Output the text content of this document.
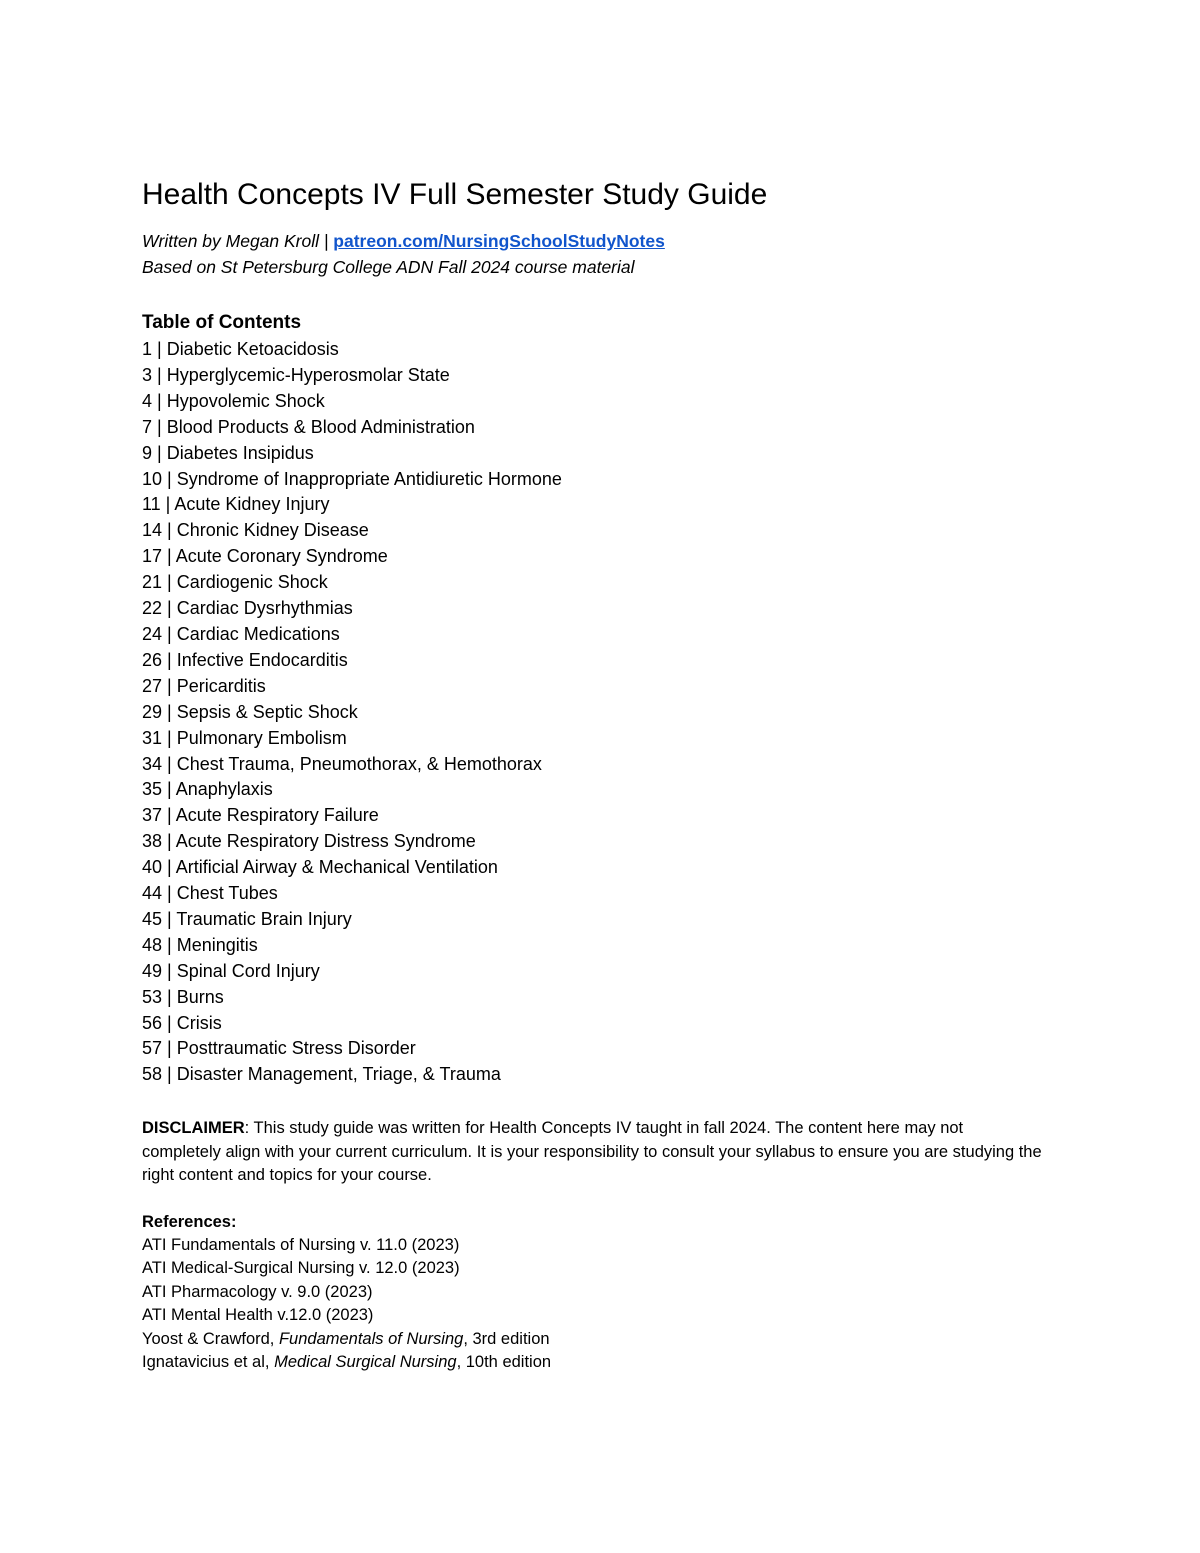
Health Concepts IV Full Semester Study Guide
Written by Megan Kroll | patreon.com/NursingSchoolStudyNotes
Based on St Petersburg College ADN Fall 2024 course material
Table of Contents
1 | Diabetic Ketoacidosis
3 | Hyperglycemic-Hyperosmolar State
4 | Hypovolemic Shock
7 | Blood Products & Blood Administration
9 | Diabetes Insipidus
10 | Syndrome of Inappropriate Antidiuretic Hormone
11 | Acute Kidney Injury
14 | Chronic Kidney Disease
17 | Acute Coronary Syndrome
21 | Cardiogenic Shock
22 | Cardiac Dysrhythmias
24 | Cardiac Medications
26 | Infective Endocarditis
27 | Pericarditis
29 | Sepsis & Septic Shock
31 | Pulmonary Embolism
34 | Chest Trauma, Pneumothorax, & Hemothorax
35 | Anaphylaxis
37 | Acute Respiratory Failure
38 | Acute Respiratory Distress Syndrome
40 | Artificial Airway & Mechanical Ventilation
44 | Chest Tubes
45 | Traumatic Brain Injury
48 | Meningitis
49 | Spinal Cord Injury
53 | Burns
56 | Crisis
57 | Posttraumatic Stress Disorder
58 | Disaster Management, Triage, & Trauma

DISCLAIMER: This study guide was written for Health Concepts IV taught in fall 2024. The content here may not completely align with your current curriculum. It is your responsibility to consult your syllabus to ensure you are studying the right content and topics for your course.

References:
ATI Fundamentals of Nursing v. 11.0 (2023)
ATI Medical-Surgical Nursing v. 12.0 (2023)
ATI Pharmacology v. 9.0 (2023)
ATI Mental Health v.12.0 (2023)
Yoost & Crawford, Fundamentals of Nursing, 3rd edition
Ignatavicius et al, Medical Surgical Nursing, 10th edition
